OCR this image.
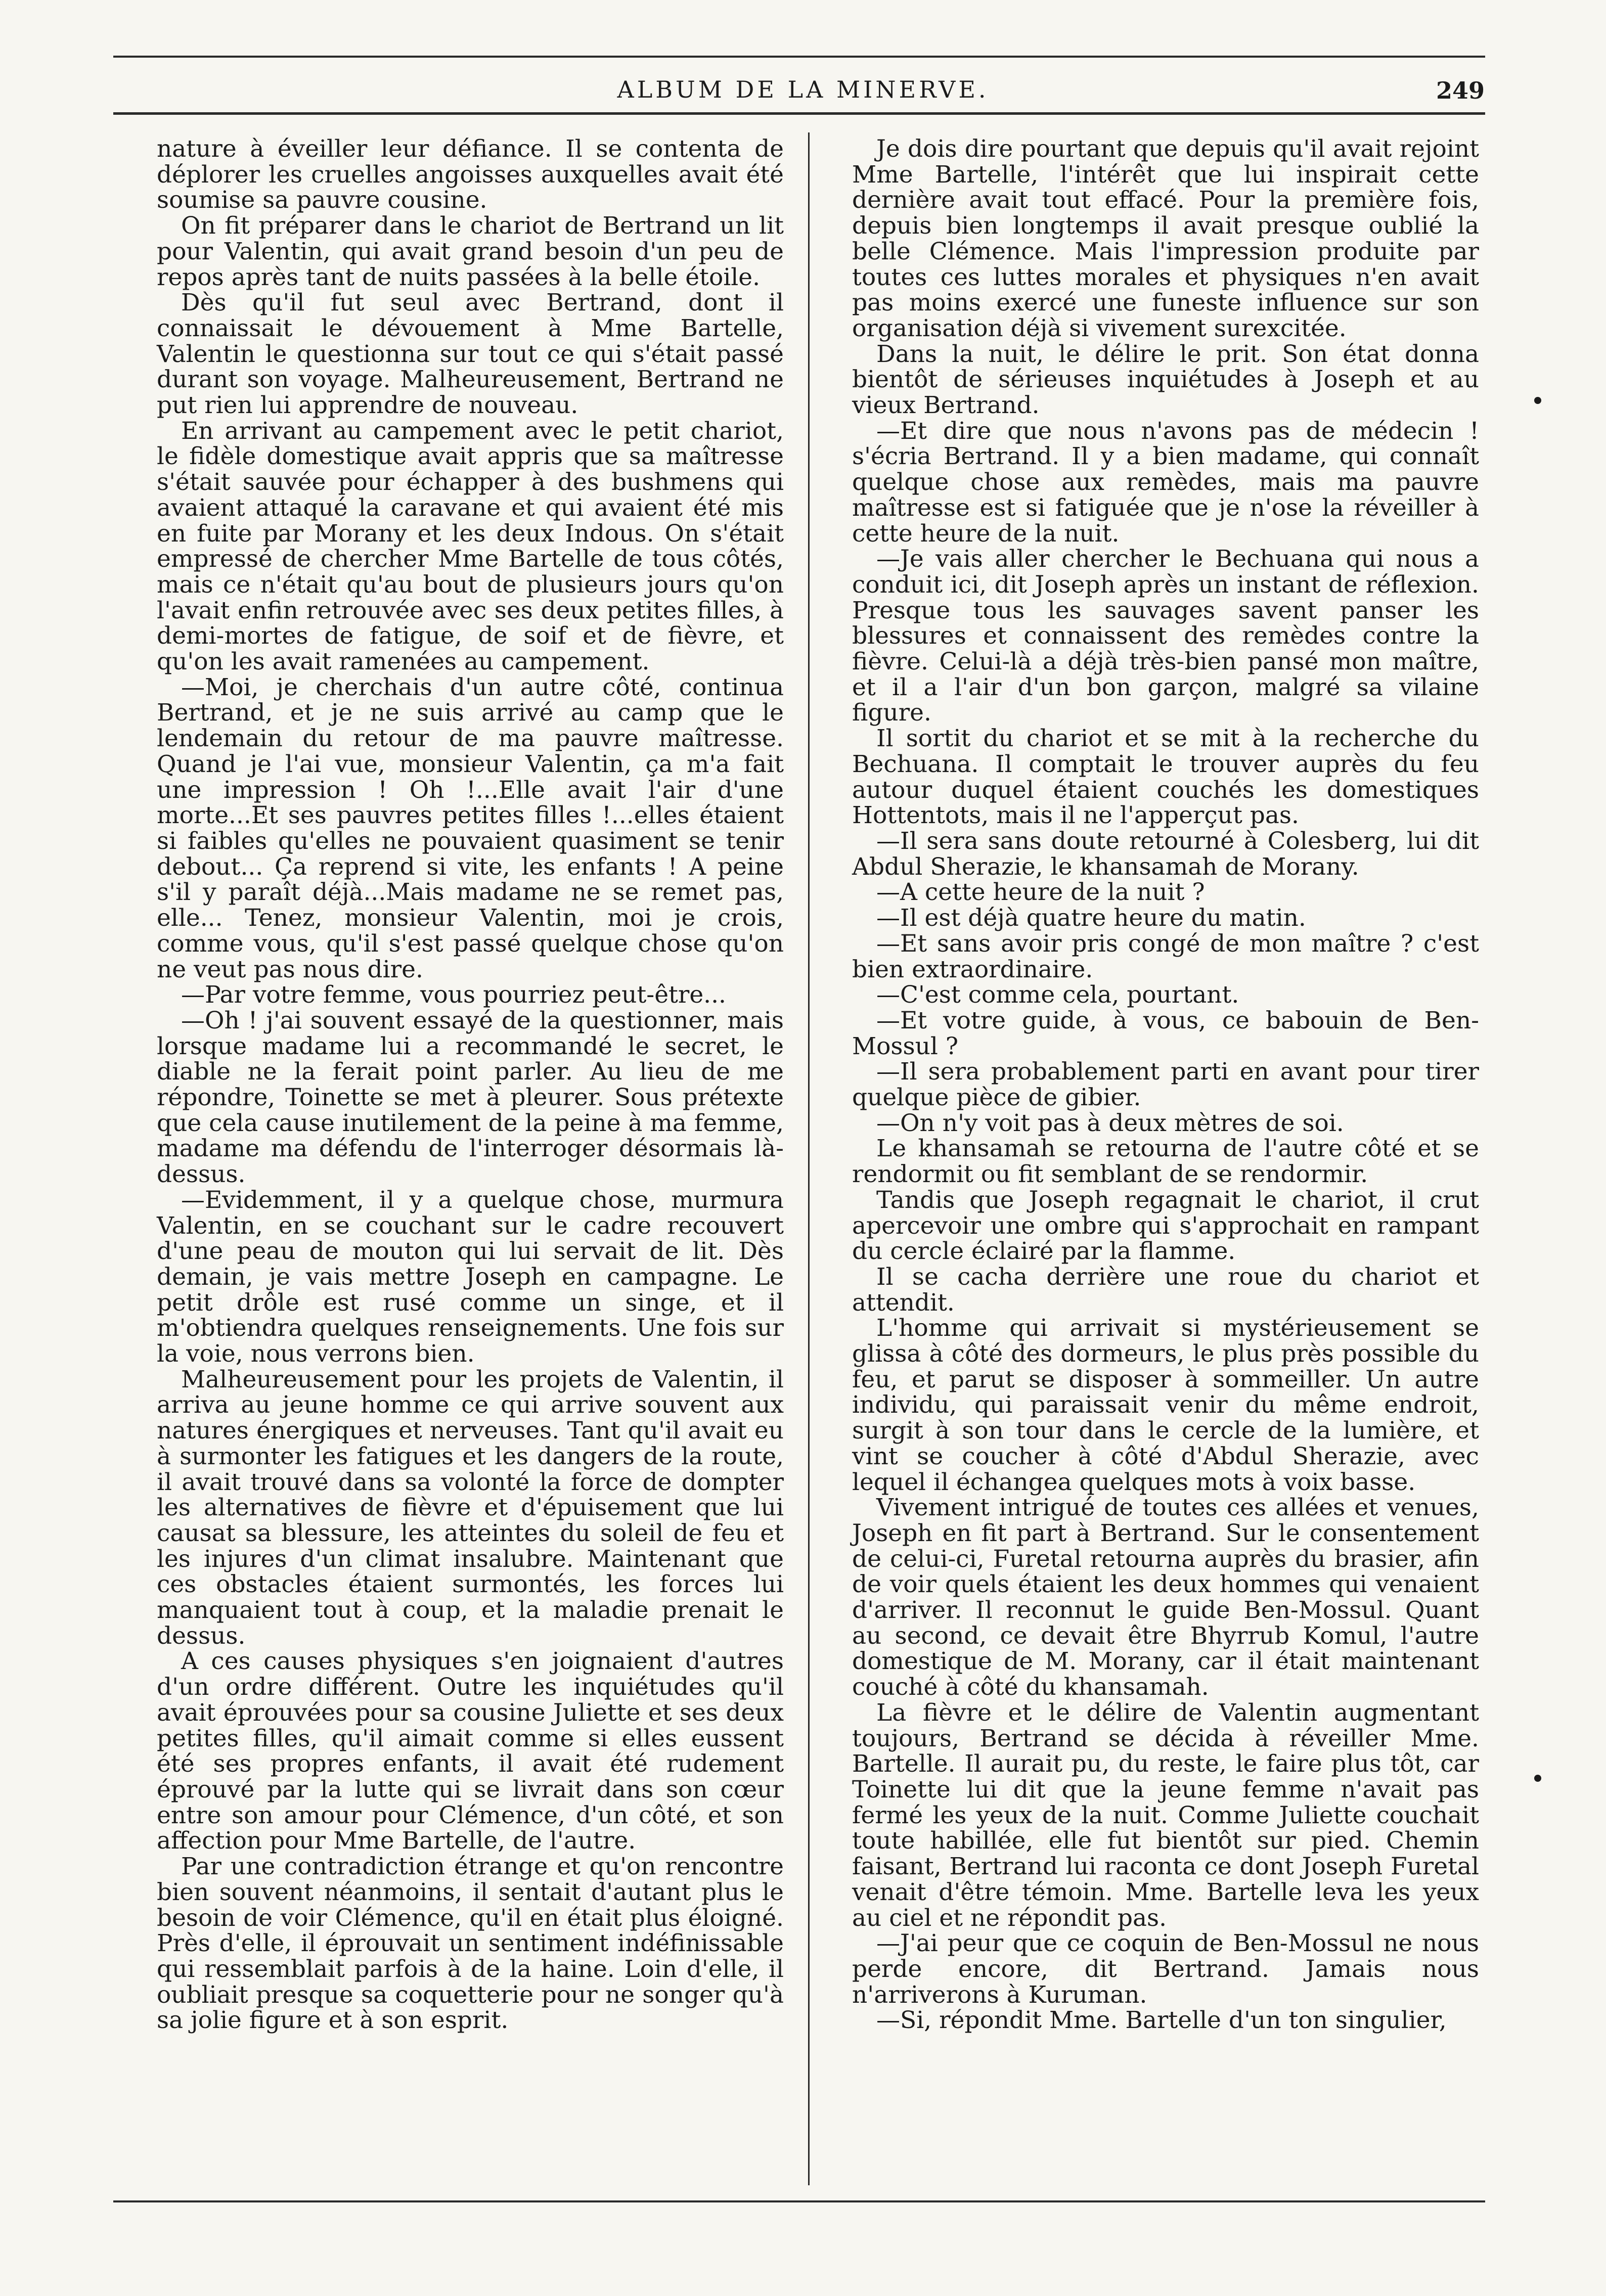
ALBUM DE LA MINERVE.	249

nature à éveiller leur défiance. Il se contenta de déplorer les cruelles angoisses auxquelles avait été soumise sa pauvre cousine.

On fit préparer dans le chariot de Bertrand un lit pour Valentin, qui avait grand besoin d'un peu de repos après tant de nuits passées à la belle étoile.

Dès qu'il fut seul avec Bertrand, dont il connaissait le dévouement à Mme Bartelle, Valentin le questionna sur tout ce qui s'était passé durant son voyage. Malheureusement, Bertrand ne put rien lui apprendre de nouveau.

En arrivant au campement avec le petit chariot, le fidèle domestique avait appris que sa maîtresse s'était sauvée pour échapper à des bushmens qui avaient attaqué la caravane et qui avaient été mis en fuite par Morany et les deux Indous. On s'était empressé de chercher Mme Bartelle de tous côtés, mais ce n'était qu'au bout de plusieurs jours qu'on l'avait enfin retrouvée avec ses deux petites filles, à demi-mortes de fatigue, de soif et de fièvre, et qu'on les avait ramenées au campement.

—Moi, je cherchais d'un autre côté, continua Bertrand, et je ne suis arrivé au camp que le lendemain du retour de ma pauvre maîtresse. Quand je l'ai vue, monsieur Valentin, ça m'a fait une impression ! Oh !...Elle avait l'air d'une morte...Et ses pauvres petites filles !...elles étaient si faibles qu'elles ne pouvaient quasiment se tenir debout... Ça reprend si vite, les enfants ! A peine s'il y paraît déjà...Mais madame ne se remet pas, elle... Tenez, monsieur Valentin, moi je crois, comme vous, qu'il s'est passé quelque chose qu'on ne veut pas nous dire.

—Par votre femme, vous pourriez peut-être...

—Oh ! j'ai souvent essayé de la questionner, mais lorsque madame lui a recommandé le secret, le diable ne la ferait point parler. Au lieu de me répondre, Toinette se met à pleurer. Sous prétexte que cela cause inutilement de la peine à ma femme, madame ma défendu de l'interroger désormais là-dessus.

—Evidemment, il y a quelque chose, murmura Valentin, en se couchant sur le cadre recouvert d'une peau de mouton qui lui servait de lit. Dès demain, je vais mettre Joseph en campagne. Le petit drôle est rusé comme un singe, et il m'obtiendra quelques renseignements. Une fois sur la voie, nous verrons bien.

Malheureusement pour les projets de Valentin, il arriva au jeune homme ce qui arrive souvent aux natures énergiques et nerveuses. Tant qu'il avait eu à surmonter les fatigues et les dangers de la route, il avait trouvé dans sa volonté la force de dompter les alternatives de fièvre et d'épuisement que lui causat sa blessure, les atteintes du soleil de feu et les injures d'un climat insalubre. Maintenant que ces obstacles étaient surmontés, les forces lui manquaient tout à coup, et la maladie prenait le dessus.

A ces causes physiques s'en joignaient d'autres d'un ordre différent. Outre les inquiétudes qu'il avait éprouvées pour sa cousine Juliette et ses deux petites filles, qu'il aimait comme si elles eussent été ses propres enfants, il avait été rudement éprouvé par la lutte qui se livrait dans son cœur entre son amour pour Clémence, d'un côté, et son affection pour Mme Bartelle, de l'autre.

Par une contradiction étrange et qu'on rencontre bien souvent néanmoins, il sentait d'autant plus le besoin de voir Clémence, qu'il en était plus éloigné. Près d'elle, il éprouvait un sentiment indéfinissable qui ressemblait parfois à de la haine. Loin d'elle, il oubliait presque sa coquetterie pour ne songer qu'à sa jolie figure et à son esprit.

Je dois dire pourtant que depuis qu'il avait rejoint Mme Bartelle, l'intérêt que lui inspirait cette dernière avait tout effacé. Pour la première fois, depuis bien longtemps il avait presque oublié la belle Clémence. Mais l'impression produite par toutes ces luttes morales et physiques n'en avait pas moins exercé une funeste influence sur son organisation déjà si vivement surexcitée.

Dans la nuit, le délire le prit. Son état donna bientôt de sérieuses inquiétudes à Joseph et au vieux Bertrand.

—Et dire que nous n'avons pas de médecin ! s'écria Bertrand. Il y a bien madame, qui connaît quelque chose aux remèdes, mais ma pauvre maîtresse est si fatiguée que je n'ose la réveiller à cette heure de la nuit.

—Je vais aller chercher le Bechuana qui nous a conduit ici, dit Joseph après un instant de réflexion. Presque tous les sauvages savent panser les blessures et connaissent des remèdes contre la fièvre. Celui-là a déjà très-bien pansé mon maître, et il a l'air d'un bon garçon, malgré sa vilaine figure.

Il sortit du chariot et se mit à la recherche du Bechuana. Il comptait le trouver auprès du feu autour duquel étaient couchés les domestiques Hottentots, mais il ne l'apperçut pas.

—Il sera sans doute retourné à Colesberg, lui dit Abdul Sherazie, le khansamah de Morany.

—A cette heure de la nuit ?

—Il est déjà quatre heure du matin.

—Et sans avoir pris congé de mon maître ? c'est bien extraordinaire.

—C'est comme cela, pourtant.

—Et votre guide, à vous, ce babouin de Ben-Mossul ?

—Il sera probablement parti en avant pour tirer quelque pièce de gibier.

—On n'y voit pas à deux mètres de soi.

Le khansamah se retourna de l'autre côté et se rendormit ou fit semblant de se rendormir.

Tandis que Joseph regagnait le chariot, il crut apercevoir une ombre qui s'approchait en rampant du cercle éclairé par la flamme.

Il se cacha derrière une roue du chariot et attendit.

L'homme qui arrivait si mystérieusement se glissa à côté des dormeurs, le plus près possible du feu, et parut se disposer à sommeiller. Un autre individu, qui paraissait venir du même endroit, surgit à son tour dans le cercle de la lumière, et vint se coucher à côté d'Abdul Sherazie, avec lequel il échangea quelques mots à voix basse.

Vivement intrigué de toutes ces allées et venues, Joseph en fit part à Bertrand. Sur le consentement de celui-ci, Furetal retourna auprès du brasier, afin de voir quels étaient les deux hommes qui venaient d'arriver. Il reconnut le guide Ben-Mossul. Quant au second, ce devait être Bhyrrub Komul, l'autre domestique de M. Morany, car il était maintenant couché à côté du khansamah.

La fièvre et le délire de Valentin augmentant toujours, Bertrand se décida à réveiller Mme. Bartelle. Il aurait pu, du reste, le faire plus tôt, car Toinette lui dit que la jeune femme n'avait pas fermé les yeux de la nuit. Comme Juliette couchait toute habillée, elle fut bientôt sur pied. Chemin faisant, Bertrand lui raconta ce dont Joseph Furetal venait d'être témoin. Mme. Bartelle leva les yeux au ciel et ne répondit pas.

—J'ai peur que ce coquin de Ben-Mossul ne nous perde encore, dit Bertrand. Jamais nous n'arriverons à Kuruman.

—Si, répondit Mme. Bartelle d'un ton singulier,
